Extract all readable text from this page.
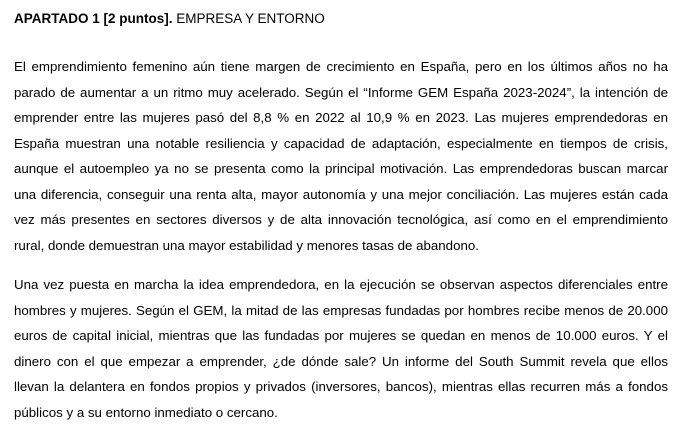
APARTADO 1 [2 puntos]. EMPRESA Y ENTORNO

El emprendimiento femenino aún tiene margen de crecimiento en España, pero en los últimos años no ha parado de aumentar a un ritmo muy acelerado. Según el “Informe GEM España 2023-2024”, la intención de emprender entre las mujeres pasó del 8,8 % en 2022 al 10,9 % en 2023. Las mujeres emprendedoras en España muestran una notable resiliencia y capacidad de adaptación, especialmente en tiempos de crisis, aunque el autoempleo ya no se presenta como la principal motivación. Las emprendedoras buscan marcar una diferencia, conseguir una renta alta, mayor autonomía y una mejor conciliación. Las mujeres están cada vez más presentes en sectores diversos y de alta innovación tecnológica, así como en el emprendimiento rural, donde demuestran una mayor estabilidad y menores tasas de abandono.

Una vez puesta en marcha la idea emprendedora, en la ejecución se observan aspectos diferenciales entre hombres y mujeres. Según el GEM, la mitad de las empresas fundadas por hombres recibe menos de 20.000 euros de capital inicial, mientras que las fundadas por mujeres se quedan en menos de 10.000 euros. Y el dinero con el que empezar a emprender, ¿de dónde sale? Un informe del South Summit revela que ellos llevan la delantera en fondos propios y privados (inversores, bancos), mientras ellas recurren más a fondos públicos y a su entorno inmediato o cercano.
